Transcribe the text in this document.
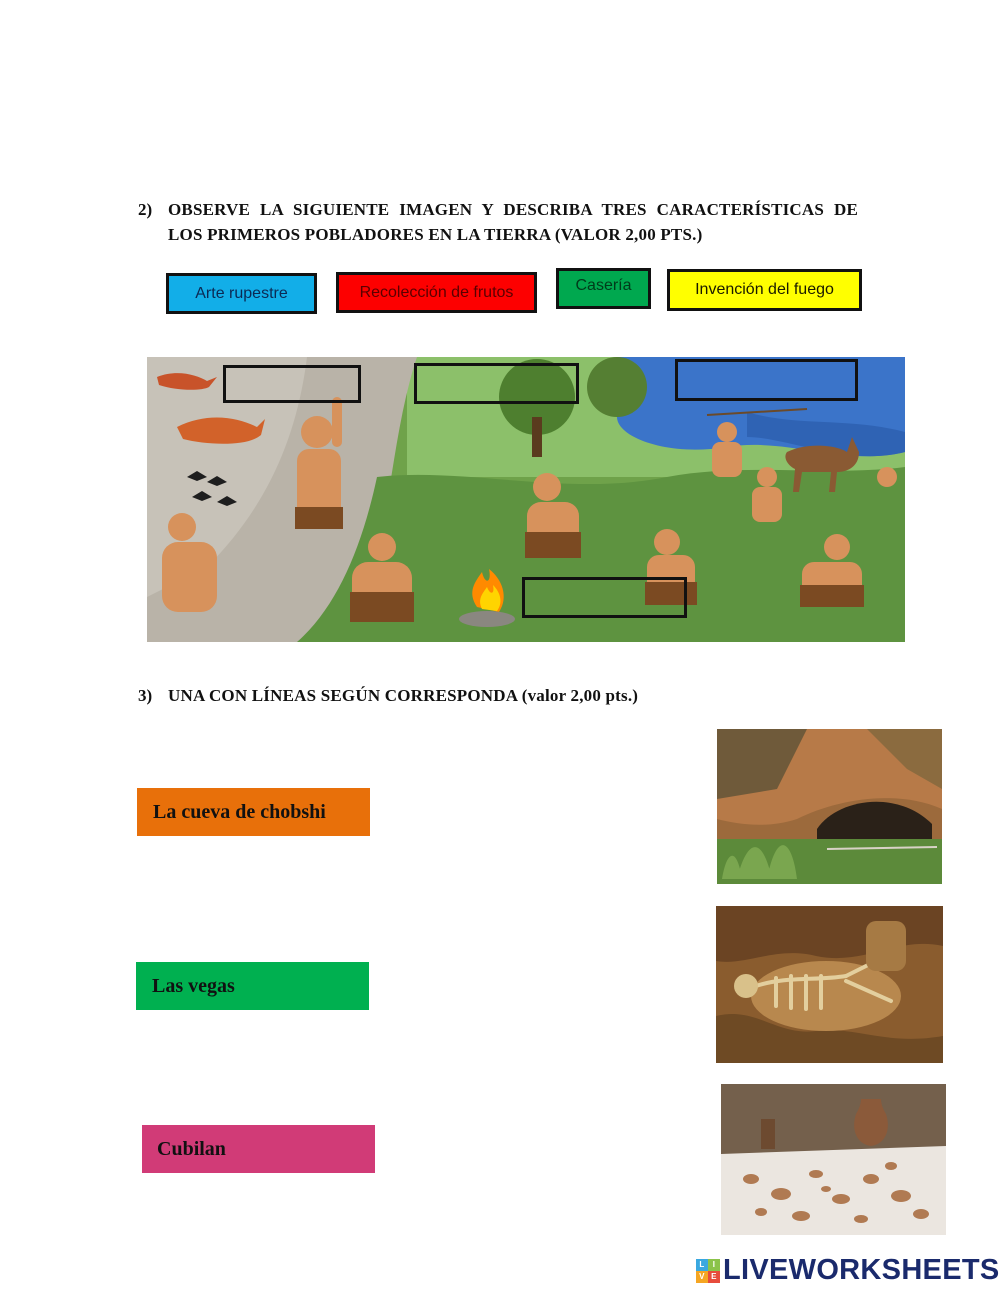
2) OBSERVE LA SIGUIENTE IMAGEN Y DESCRIBA TRES CARACTERÍSTICAS DE
LOS PRIMEROS POBLADORES EN LA TIERRA (VALOR 2,00 PTS.)
Arte rupestre	Recolección de frutos	Casería	Invención del fuego
3) UNA CON LÍNEAS SEGÚN CORRESPONDA (valor 2,00 pts.)
La cueva de chobshi
Las vegas
Cubilan
L	I
V E LIVEWORKSHEETS
